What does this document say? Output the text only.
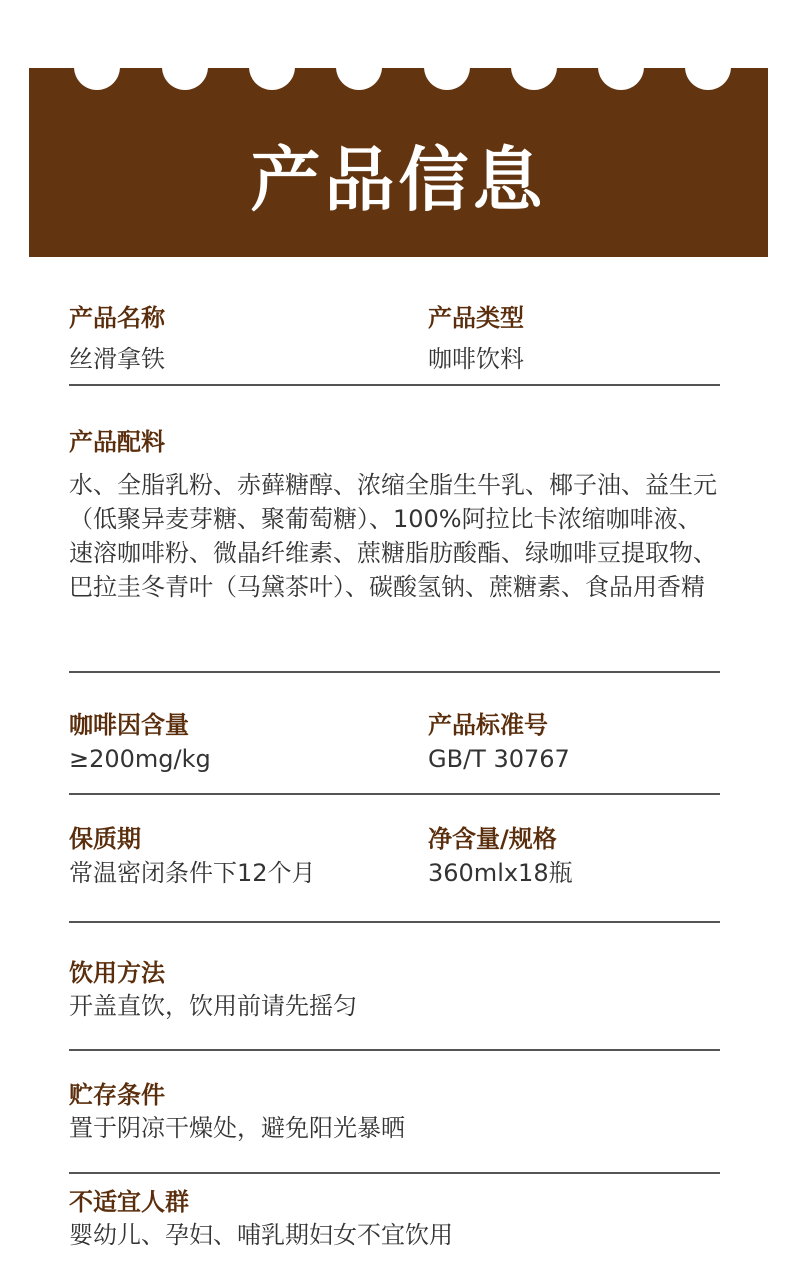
产品信息
产品名称
丝滑拿铁
产品类型
咖啡饮料
产品配料
水、全脂乳粉、赤藓糖醇、浓缩全脂生牛乳、椰子油、益生元（低聚异麦芽糖、聚葡萄糖）、100%阿拉比卡浓缩咖啡液、速溶咖啡粉、微晶纤维素、蔗糖脂肪酸酯、绿咖啡豆提取物、巴拉圭冬青叶（马黛茶叶）、碳酸氢钠、蔗糖素、食品用香精
咖啡因含量
≥200mg/kg
产品标准号
GB/T 30767
保质期
常温密闭条件下12个月
净含量/规格
360mlx18瓶
饮用方法
开盖直饮，饮用前请先摇匀
贮存条件
置于阴凉干燥处，避免阳光暴晒
不适宜人群
婴幼儿、孕妇、哺乳期妇女不宜饮用
